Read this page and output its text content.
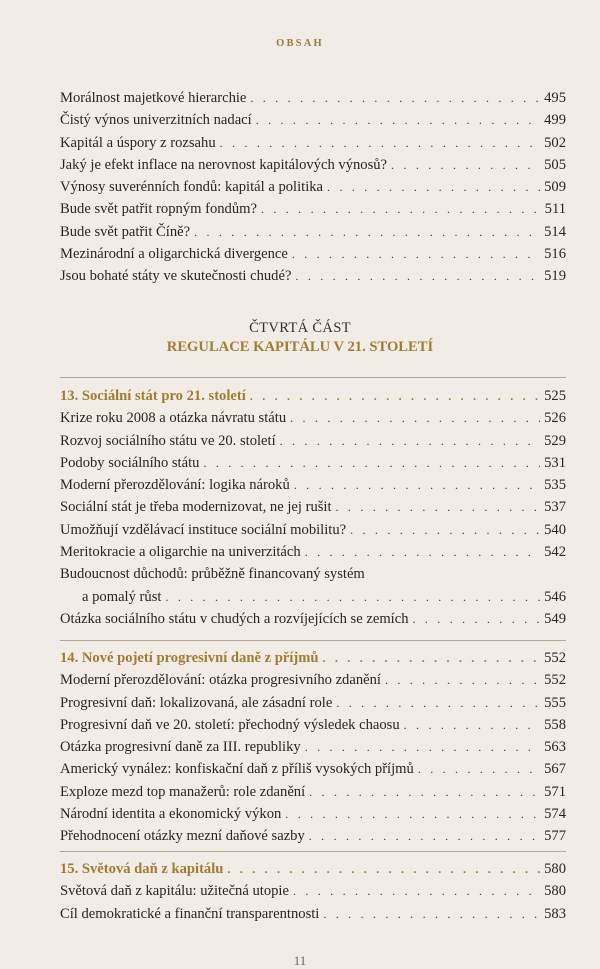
OBSAH
Morálnost majetkové hierarchie . . .	495
Čistý výnos univerzitních nadací . . .	499
Kapitál a úspory z rozsahu . . .	502
Jaký je efekt inflace na nerovnost kapitálových výnosů? . . .	505
Výnosy suverénních fondů: kapitál a politika . . .	509
Bude svět patřit ropným fondům? . . .	511
Bude svět patřit Číně? . . .	514
Mezinárodní a oligarchická divergence . . .	516
Jsou bohaté státy ve skutečnosti chudé? . . .	519
ČTVRTÁ ČÁST
REGULACE KAPITÁLU V 21. STOLETÍ
13. Sociální stát pro 21. století . . .	525
Krize roku 2008 a otázka návratu státu . . .	526
Rozvoj sociálního státu ve 20. století . . .	529
Podoby sociálního státu . . .	531
Moderní přerozdělování: logika nároků . . .	535
Sociální stát je třeba modernizovat, ne jej rušit . . .	537
Umožňují vzdělávací instituce sociální mobilitu? . . .	540
Meritokracie a oligarchie na univerzitách . . .	542
Budoucnost důchodů: průběžně financovaný systém
a pomalý růst . . .	546
Otázka sociálního státu v chudých a rozvíjejících se zemích . . .	549
14. Nové pojetí progresivní daně z příjmů . . .	552
Moderní přerozdělování: otázka progresivního zdanění . . .	552
Progresivní daň: lokalizovaná, ale zásadní role . . .	555
Progresivní daň ve 20. století: přechodný výsledek chaosu . . .	558
Otázka progresivní daně za III. republiky . . .	563
Americký vynález: konfiskační daň z příliš vysokých příjmů . . .	567
Exploze mezd top manažerů: role zdanění . . .	571
Národní identita a ekonomický výkon . . .	574
Přehodnocení otázky mezní daňové sazby . . .	577
15. Světová daň z kapitálu . . .	580
Světová daň z kapitálu: užitečná utopie . . .	580
Cíl demokratické a finanční transparentnosti . . .	583
11
